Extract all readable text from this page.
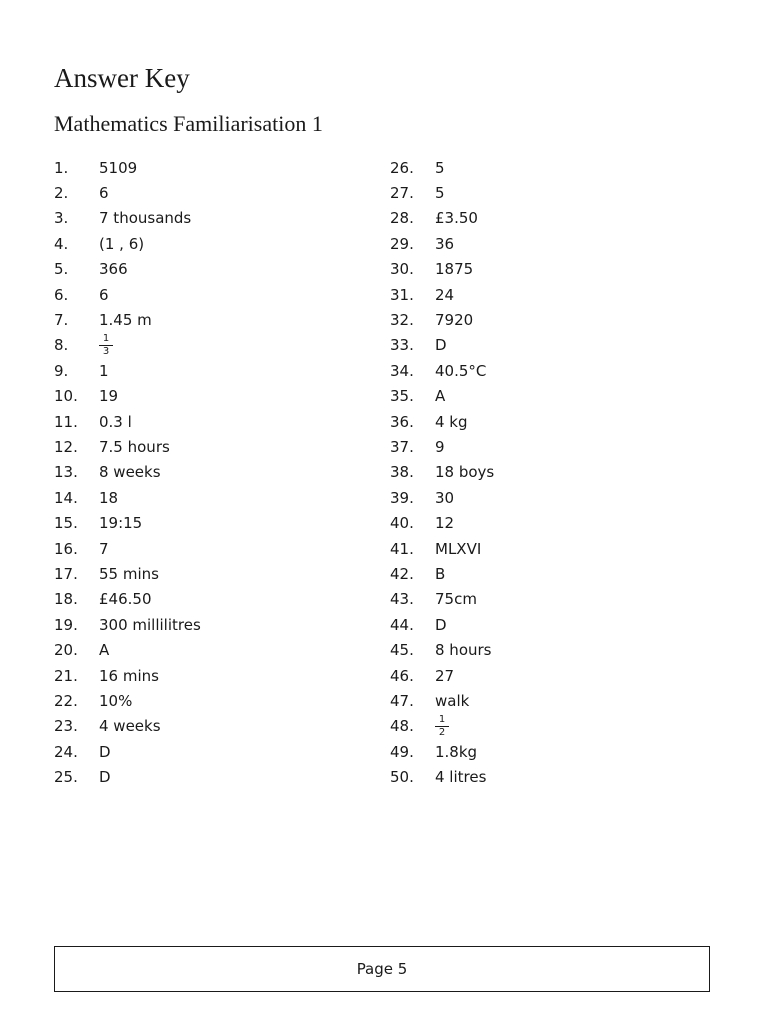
Answer Key
Mathematics Familiarisation 1
1.	5109
2.	6
3.	7 thousands
4.	(1 , 6)
5.	366
6.	6
7.	1.45 m
8.	$\frac{1}{3}$
9.	1
10.	19
11.	0.3 l
12.	7.5 hours
13.	8 weeks
14.	18
15.	19:15
16.	7
17.	55 mins
18.	£46.50
19.	300 millilitres
20.	A
21.	16 mins
22.	10%
23.	4 weeks
24.	D
25.	D
26.	5
27.	5
28.	£3.50
29.	36
30.	1875
31.	24
32.	7920
33.	D
34.	40.5°C
35.	A
36.	4 kg
37.	9
38.	18 boys
39.	30
40.	12
41.	MLXVI
42.	B
43.	75cm
44.	D
45.	8 hours
46.	27
47.	walk
48.	$\frac{1}{2}$
49.	1.8kg
50.	4 litres
Page 5
